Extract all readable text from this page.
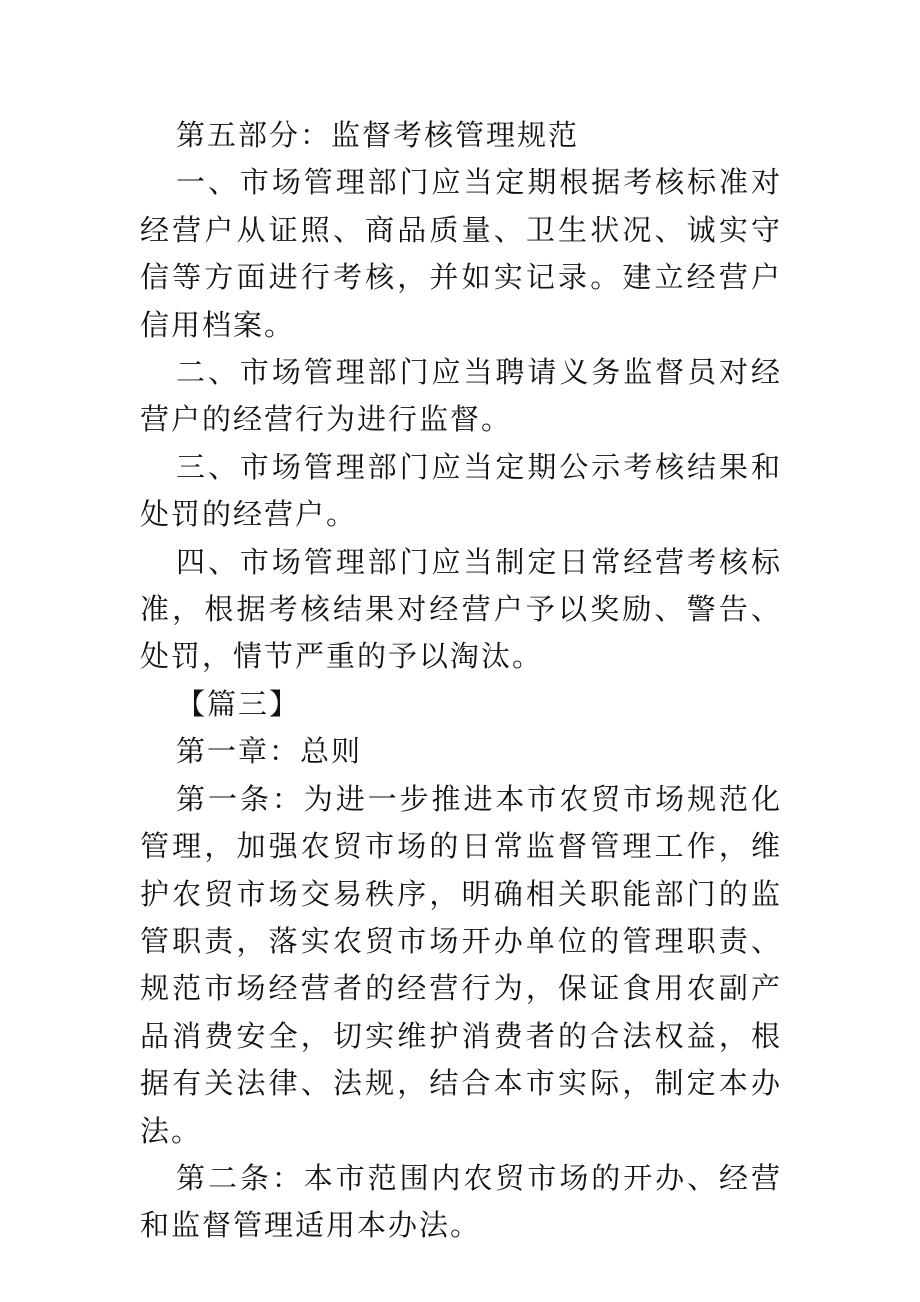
第五部分：监督考核管理规范

一、市场管理部门应当定期根据考核标准对经营户从证照、商品质量、卫生状况、诚实守信等方面进行考核，并如实记录。建立经营户信用档案。

二、市场管理部门应当聘请义务监督员对经营户的经营行为进行监督。

三、市场管理部门应当定期公示考核结果和处罚的经营户。

四、市场管理部门应当制定日常经营考核标准，根据考核结果对经营户予以奖励、警告、处罚，情节严重的予以淘汰。

【篇三】

第一章：总则

第一条：为进一步推进本市农贸市场规范化管理，加强农贸市场的日常监督管理工作，维护农贸市场交易秩序，明确相关职能部门的监管职责，落实农贸市场开办单位的管理职责、规范市场经营者的经营行为，保证食用农副产品消费安全，切实维护消费者的合法权益，根据有关法律、法规，结合本市实际，制定本办法。

第二条：本市范围内农贸市场的开办、经营和监督管理适用本办法。
